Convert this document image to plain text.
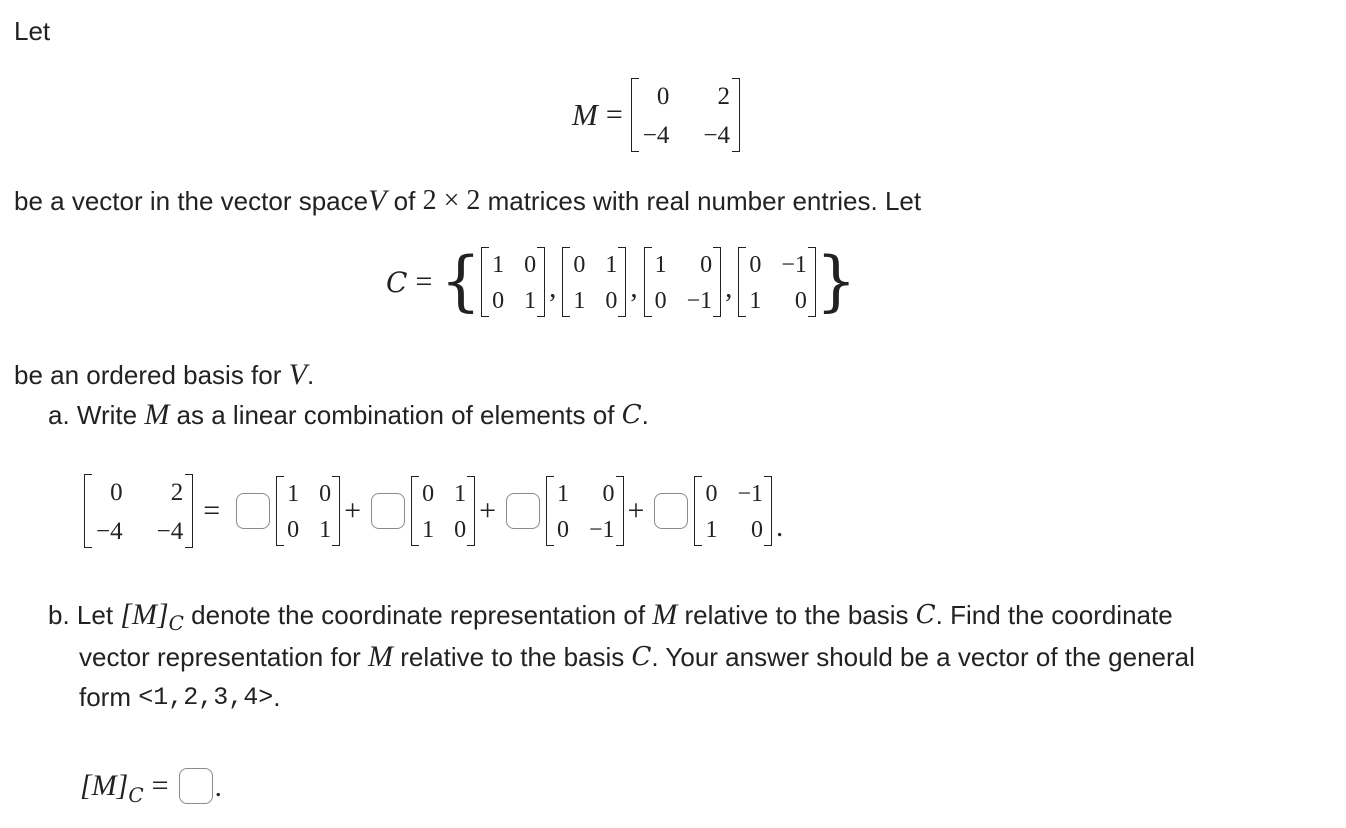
Let
M =
0	2
−4 −4
be a vector in the vector space V of 2 × 2 matrices with real number entries. Let
C = { 1 0
0 1 ,
0 1
1 0 ,
1	0
0 −1 ,
0 −1
1	0 }
be an ordered basis for V .
a. Write M as a linear combination of elements of C .
0	2
−4 −4
=	1 0
0 1
+	0 1
1 0
+	1	0
0 −1
+	0 −1
1	0 .
b. Let [M] C denote the coordinate representation of M relative to the basis C . Find the coordinate
vector representation for M relative to the basis C . Your answer should be a vector of the general
form <1,2,3,4> .
[M] C = .
